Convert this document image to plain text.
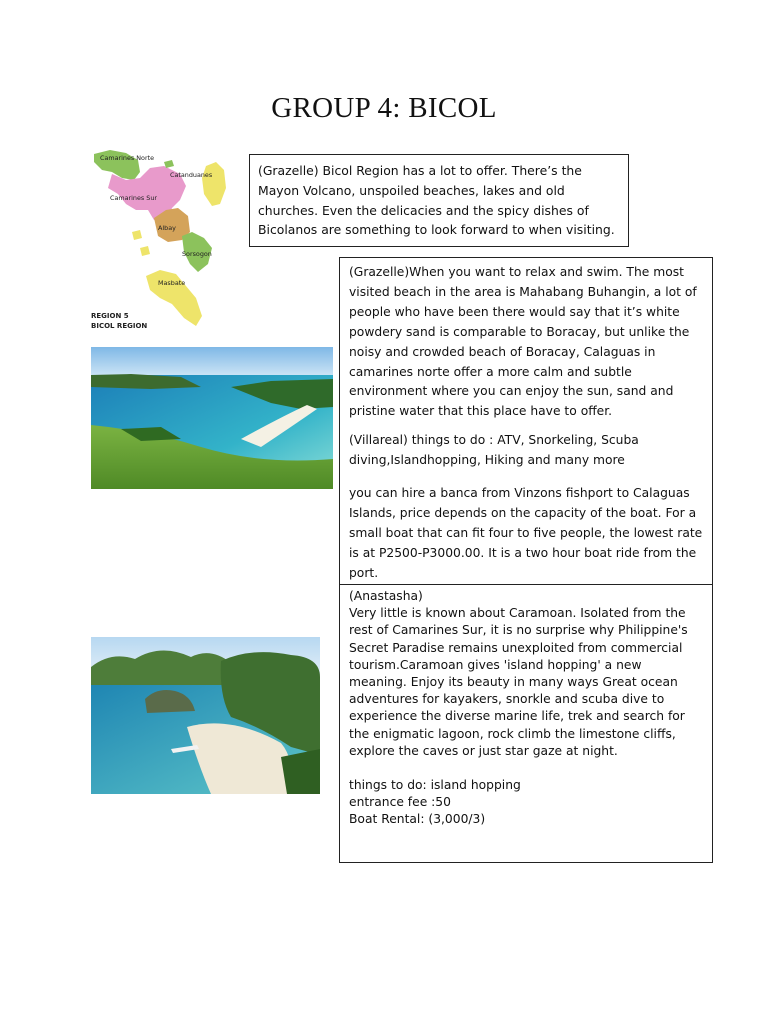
GROUP 4: BICOL
Camarines Norte
Catanduanes
Camarines Sur
Albay
Sorsogon
Masbate
REGION 5
BICOL REGION
(Grazelle) Bicol Region has a lot to offer. There’s the Mayon Volcano, unspoiled beaches, lakes and old churches. Even the delicacies and the spicy dishes of Bicolanos are something to look forward to when visiting.

(Grazelle)When you want to relax and swim. The most visited beach in the area is Mahabang Buhangin, a lot of people who have been there would say that it’s white powdery sand is comparable to Boracay, but unlike the noisy and crowded beach of Boracay, Calaguas in camarines norte offer a more calm and subtle environment where you can enjoy the sun, sand and pristine water that this place have to offer.

(Villareal) things to do : ATV, Snorkeling, Scuba diving,Islandhopping, Hiking and many more

you can hire a banca from Vinzons fishport to Calaguas Islands, price depends on the capacity of the boat. For a small boat that can fit four to five people, the lowest rate is at P2500-P3000.00. It is a two hour boat ride from the port.

(Anastasha)

Very little is known about Caramoan. Isolated from the rest of Camarines Sur, it is no surprise why Philippine's Secret Paradise remains unexploited from commercial tourism.Caramoan gives 'island hopping' a new meaning. Enjoy its beauty in many ways Great ocean adventures for kayakers, snorkle and scuba dive to experience the diverse marine life, trek and search for the enigmatic lagoon, rock climb the limestone cliffs, explore the caves or just star gaze at night.

things to do: island hopping

entrance fee :50

Boat Rental: (3,000/3)
